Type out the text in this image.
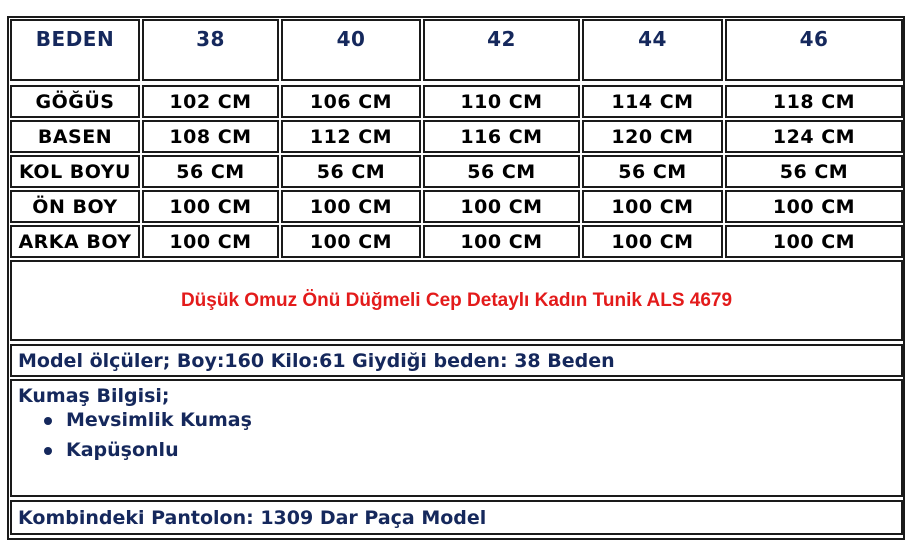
BEDEN	38	40	42	44	46
GÖĞÜS	102 CM	106 CM	110 CM	114 CM	118 CM
BASEN	108 CM	112 CM	116 CM	120 CM	124 CM
KOL BOYU	56 CM	56 CM	56 CM	56 CM	56 CM
ÖN BOY	100 CM	100 CM	100 CM	100 CM	100 CM
ARKA BOY	100 CM	100 CM	100 CM	100 CM	100 CM
Düşük Omuz Önü Düğmeli Cep Detaylı Kadın Tunik ALS 4679
Model ölçüler; Boy:160 Kilo:61 Giydiği beden: 38 Beden
Kumaş Bilgisi;
Mevsimlik Kumaş
Kapüşonlu
Kombindeki Pantolon: 1309 Dar Paça Model
